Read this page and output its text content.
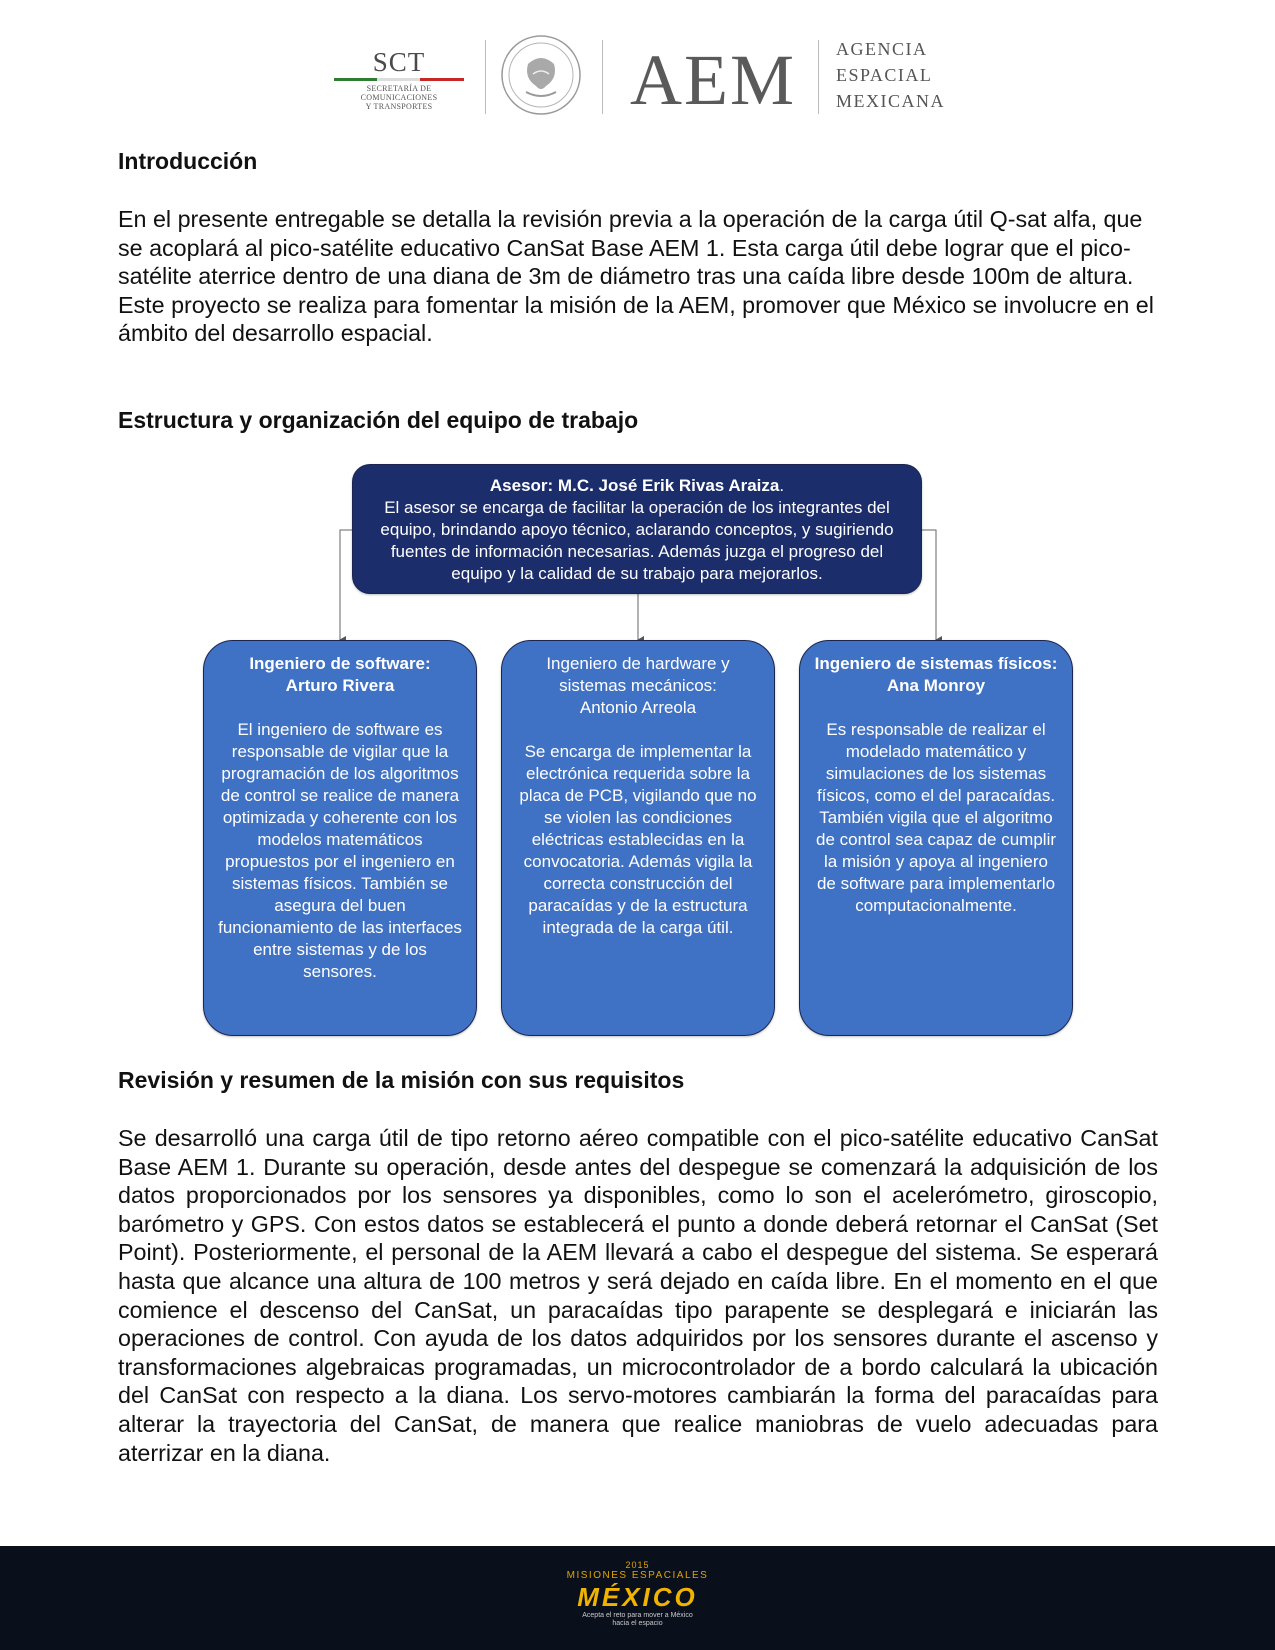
SCT
SECRETARÍA DE
COMUNICACIONES
Y TRANSPORTES	AEM AGENCIA
ESPACIAL
MEXICANA
Introducción

En el presente entregable se detalla la revisión previa a la operación de la carga útil Q-sat alfa, que se acoplará al pico-satélite educativo CanSat Base AEM 1. Esta carga útil debe lograr que el pico-satélite aterrice dentro de una diana de 3m de diámetro tras una caída libre desde 100m de altura. Este proyecto se realiza para fomentar la misión de la AEM, promover que México se involucre en el ámbito del desarrollo espacial.

Estructura y organización del equipo de trabajo
Asesor: M.C. José Erik Rivas Araiza.
El asesor se encarga de facilitar la operación de los integrantes del equipo, brindando apoyo técnico, aclarando conceptos, y sugiriendo fuentes de información necesarias. Además juzga el progreso del equipo y la calidad de su trabajo para mejorarlos.
Ingeniero de software:
Arturo Rivera
El ingeniero de software es responsable de vigilar que la programación de los algoritmos de control se realice de manera optimizada y coherente con los modelos matemáticos propuestos por el ingeniero en sistemas físicos. También se asegura del buen funcionamiento de las interfaces entre sistemas y de los sensores.
Ingeniero de hardware y sistemas mecánicos:
Antonio Arreola
Se encarga de implementar la electrónica requerida sobre la placa de PCB, vigilando que no se violen las condiciones eléctricas establecidas en la convocatoria. Además vigila la correcta construcción del paracaídas y de la estructura integrada de la carga útil.
Ingeniero de sistemas físicos:
Ana Monroy
Es responsable de realizar el modelado matemático y simulaciones de los sistemas físicos, como el del paracaídas. También vigila que el algoritmo de control sea capaz de cumplir la misión y apoya al ingeniero de software para implementarlo computacionalmente.
Revisión y resumen de la misión con sus requisitos

Se desarrolló una carga útil de tipo retorno aéreo compatible con el pico-satélite educativo CanSat Base AEM 1. Durante su operación, desde antes del despegue se comenzará la adquisición de los datos proporcionados por los sensores ya disponibles, como lo son el acelerómetro, giroscopio, barómetro y GPS. Con estos datos se establecerá el punto a donde deberá retornar el CanSat (Set Point). Posteriormente, el personal de la AEM llevará a cabo el despegue del sistema. Se esperará hasta que alcance una altura de 100 metros y será dejado en caída libre. En el momento en el que comience el descenso del CanSat, un paracaídas tipo parapente se desplegará e iniciarán las operaciones de control. Con ayuda de los datos adquiridos por los sensores durante el ascenso y transformaciones algebraicas programadas, un microcontrolador de a bordo calculará la ubicación del CanSat con respecto a la diana. Los servo-motores cambiarán la forma del paracaídas para alterar la trayectoria del CanSat, de manera que realice maniobras de vuelo adecuadas para aterrizar en la diana.

2015
MISIONES ESPACIALES
MÉXICO
Acepta el reto para mover a México
hacia el espacio
